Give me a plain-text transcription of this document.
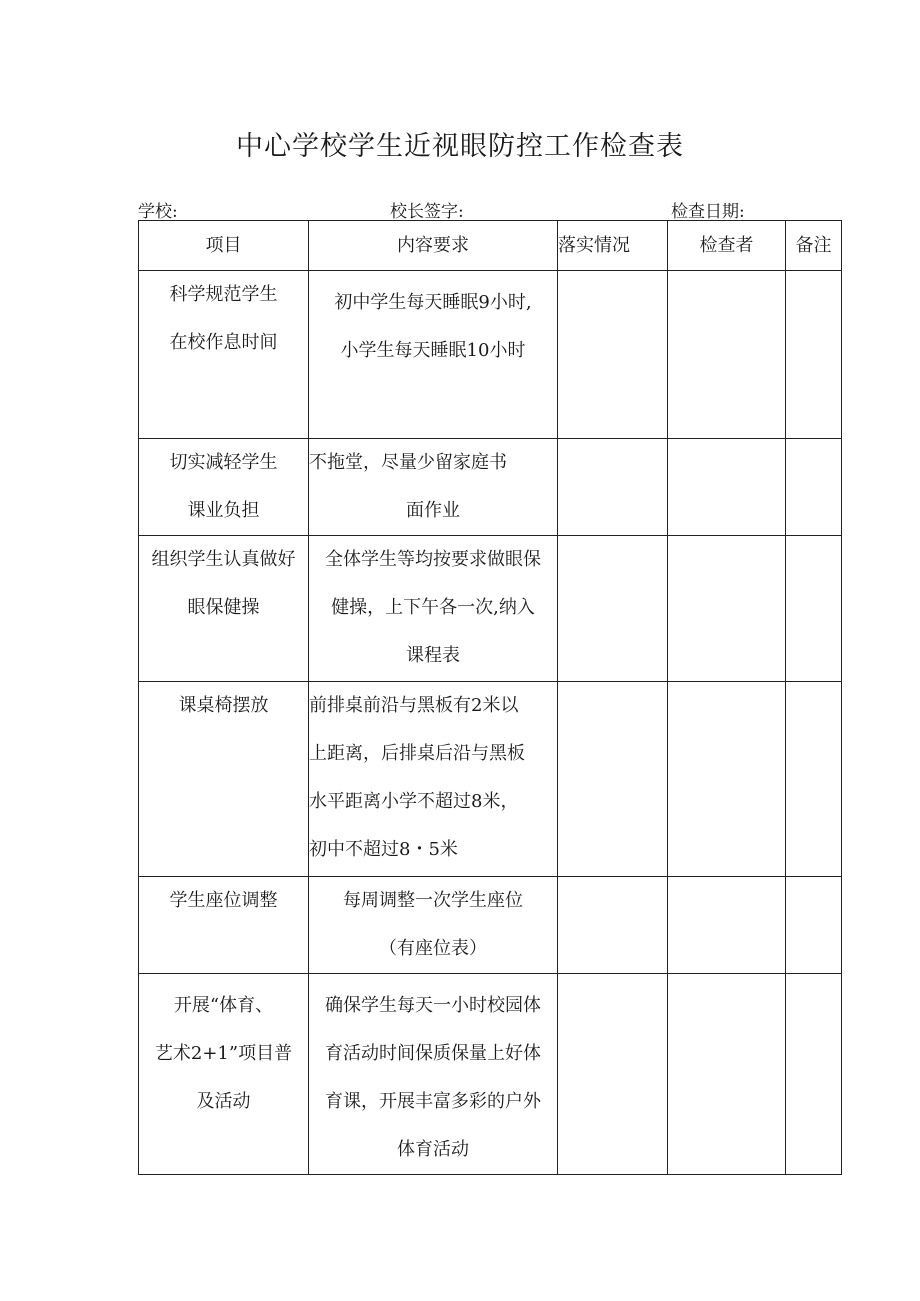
中心学校学生近视眼防控工作检查表
学校:	校长签字:	检查日期:
项目	内容要求	落实情况	检查者	备注

科学规范学生
在校作息时间	初中学生每天睡眠9小时,
小学生每天睡眠10小时			

切实减轻学生
课业负担	不拖堂，尽量少留家庭书
面作业			

组织学生认真做好
眼保健操	全体学生等均按要求做眼保
健操，上下午各一次,纳入
课程表			

课桌椅摆放	前排桌前沿与黑板有2米以
上距离，后排桌后沿与黑板
水平距离小学不超过8米，
初中不超过8・5米			

学生座位调整	每周调整一次学生座位
（有座位表）			

开展“体育、
艺术2+1”项目普
及活动	确保学生每天一小时校园体
育活动时间保质保量上好体
育课，开展丰富多彩的户外
体育活动			
